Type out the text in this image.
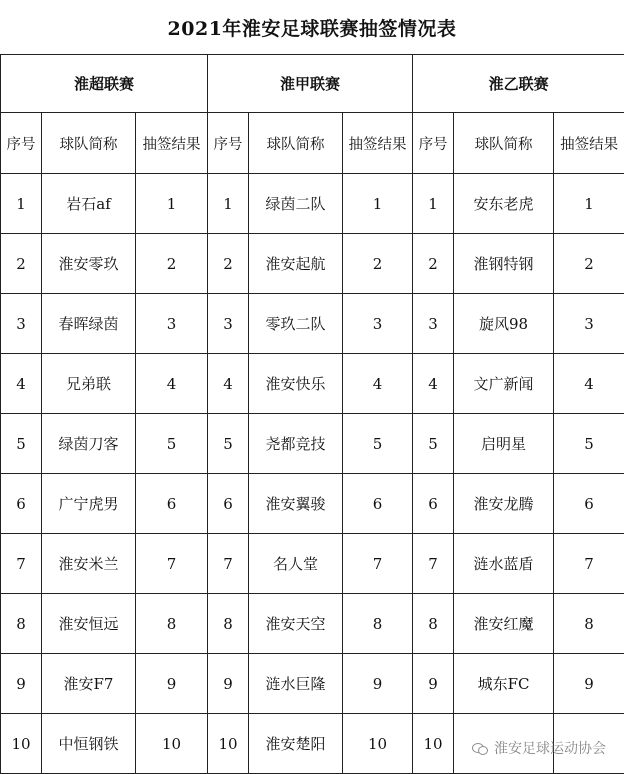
2021年淮安足球联赛抽签情况表
淮超联赛			淮甲联赛			淮乙联赛		
序号	球队简称	抽签结果	序号	球队简称	抽签结果	序号	球队简称	抽签结果
1	岩石af	1	1	绿茵二队	1	1	安东老虎	1
2	淮安零玖	2	2	淮安起航	2	2	淮钢特钢	2
3	春晖绿茵	3	3	零玖二队	3	3	旋风98	3
4	兄弟联	4	4	淮安快乐	4	4	文广新闻	4
5	绿茵刀客	5	5	尧都竞技	5	5	启明星	5
6	广宁虎男	6	6	淮安翼骏	6	6	淮安龙腾	6
7	淮安米兰	7	7	名人堂	7	7	涟水蓝盾	7
8	淮安恒远	8	8	淮安天空	8	8	淮安红魔	8
9	淮安F7	9	9	涟水巨隆	9	9	城东FC	9
10	中恒钢铁	10	10	淮安楚阳	10	10			淮安足球运动协会
